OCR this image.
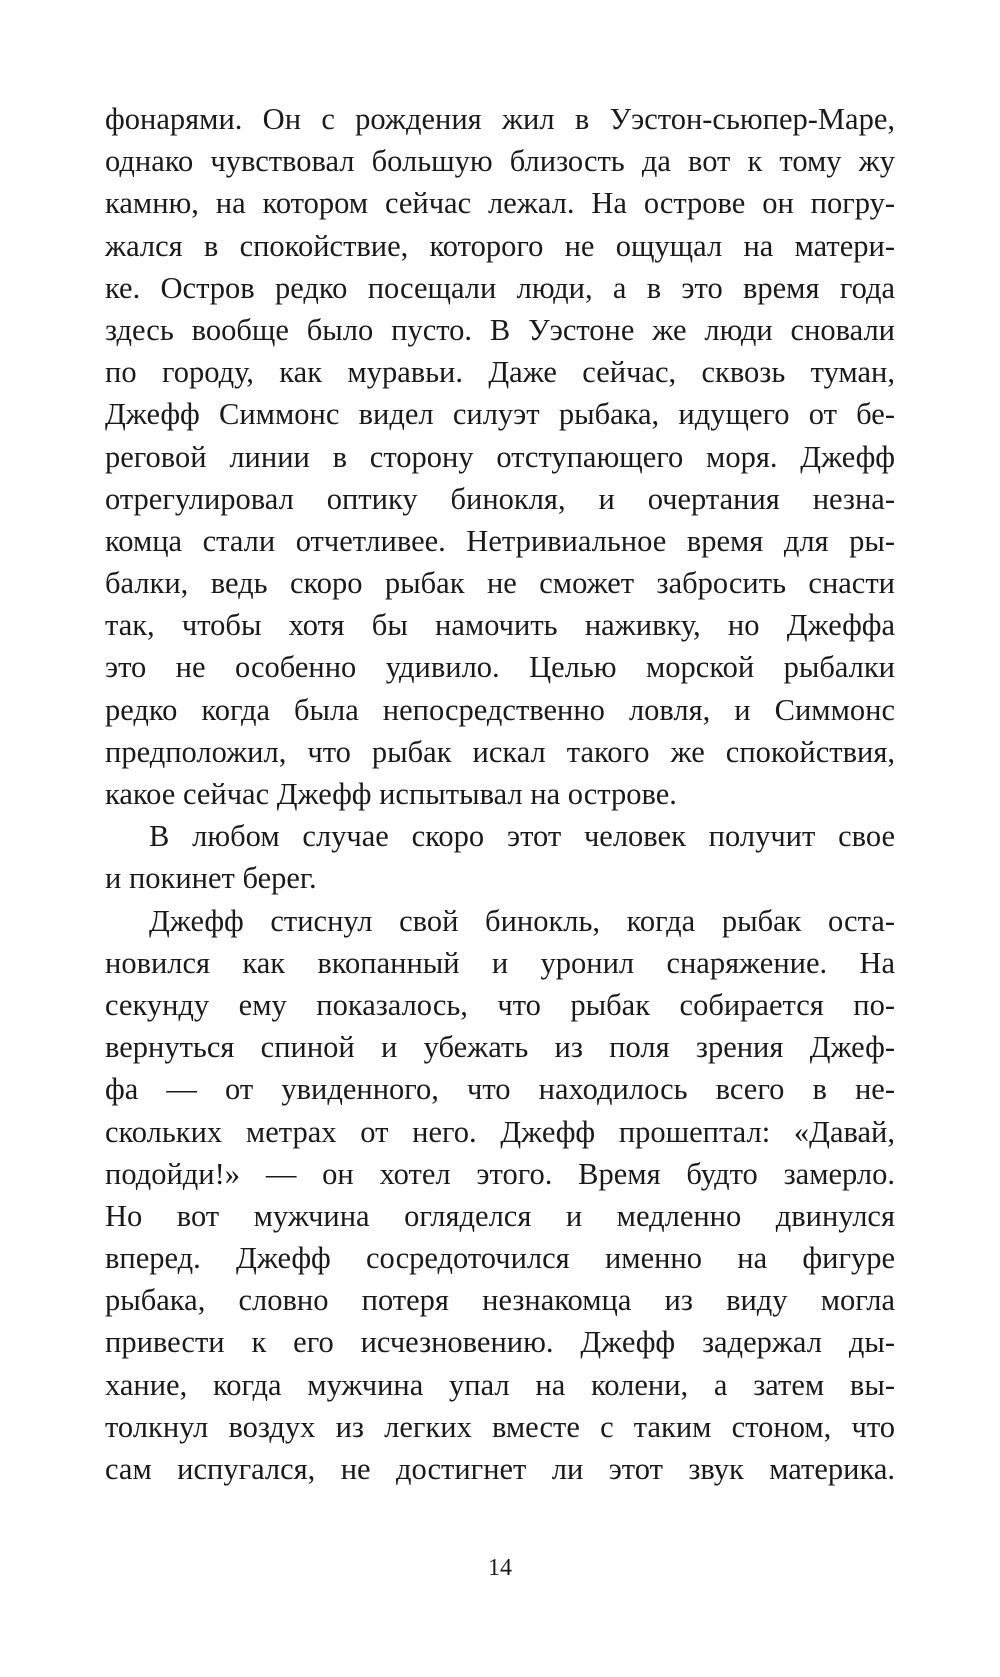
фонарями. Он с рождения жил в Уэстон-сьюпер-Маре,
однако чувствовал большую близость да вот к тому жу
камню, на котором сейчас лежал. На острове он погру-
жался в спокойствие, которого не ощущал на матери-
ке. Остров редко посещали люди, а в это время года
здесь вообще было пусто. В Уэстоне же люди сновали
по городу, как муравьи. Даже сейчас, сквозь туман,
Джефф Симмонс видел силуэт рыбака, идущего от бе-
реговой линии в сторону отступающего моря. Джефф
отрегулировал оптику бинокля, и очертания незна-
комца стали отчетливее. Нетривиальное время для ры-
балки, ведь скоро рыбак не сможет забросить снасти
так, чтобы хотя бы намочить наживку, но Джеффа
это не особенно удивило. Целью морской рыбалки
редко когда была непосредственно ловля, и Симмонс
предположил, что рыбак искал такого же спокойствия,
какое сейчас Джефф испытывал на острове.
В любом случае скоро этот человек получит свое
и покинет берег.
Джефф стиснул свой бинокль, когда рыбак оста-
новился как вкопанный и уронил снаряжение. На
секунду ему показалось, что рыбак собирается по-
вернуться спиной и убежать из поля зрения Джеф-
фа — от увиденного, что находилось всего в не-
скольких метрах от него. Джефф прошептал: «Давай,
подойди!» — он хотел этого. Время будто замерло.
Но вот мужчина огляделся и медленно двинулся
вперед. Джефф сосредоточился именно на фигуре
рыбака, словно потеря незнакомца из виду могла
привести к его исчезновению. Джефф задержал ды-
хание, когда мужчина упал на колени, а затем вы-
толкнул воздух из легких вместе с таким стоном, что
сам испугался, не достигнет ли этот звук материка.
14
